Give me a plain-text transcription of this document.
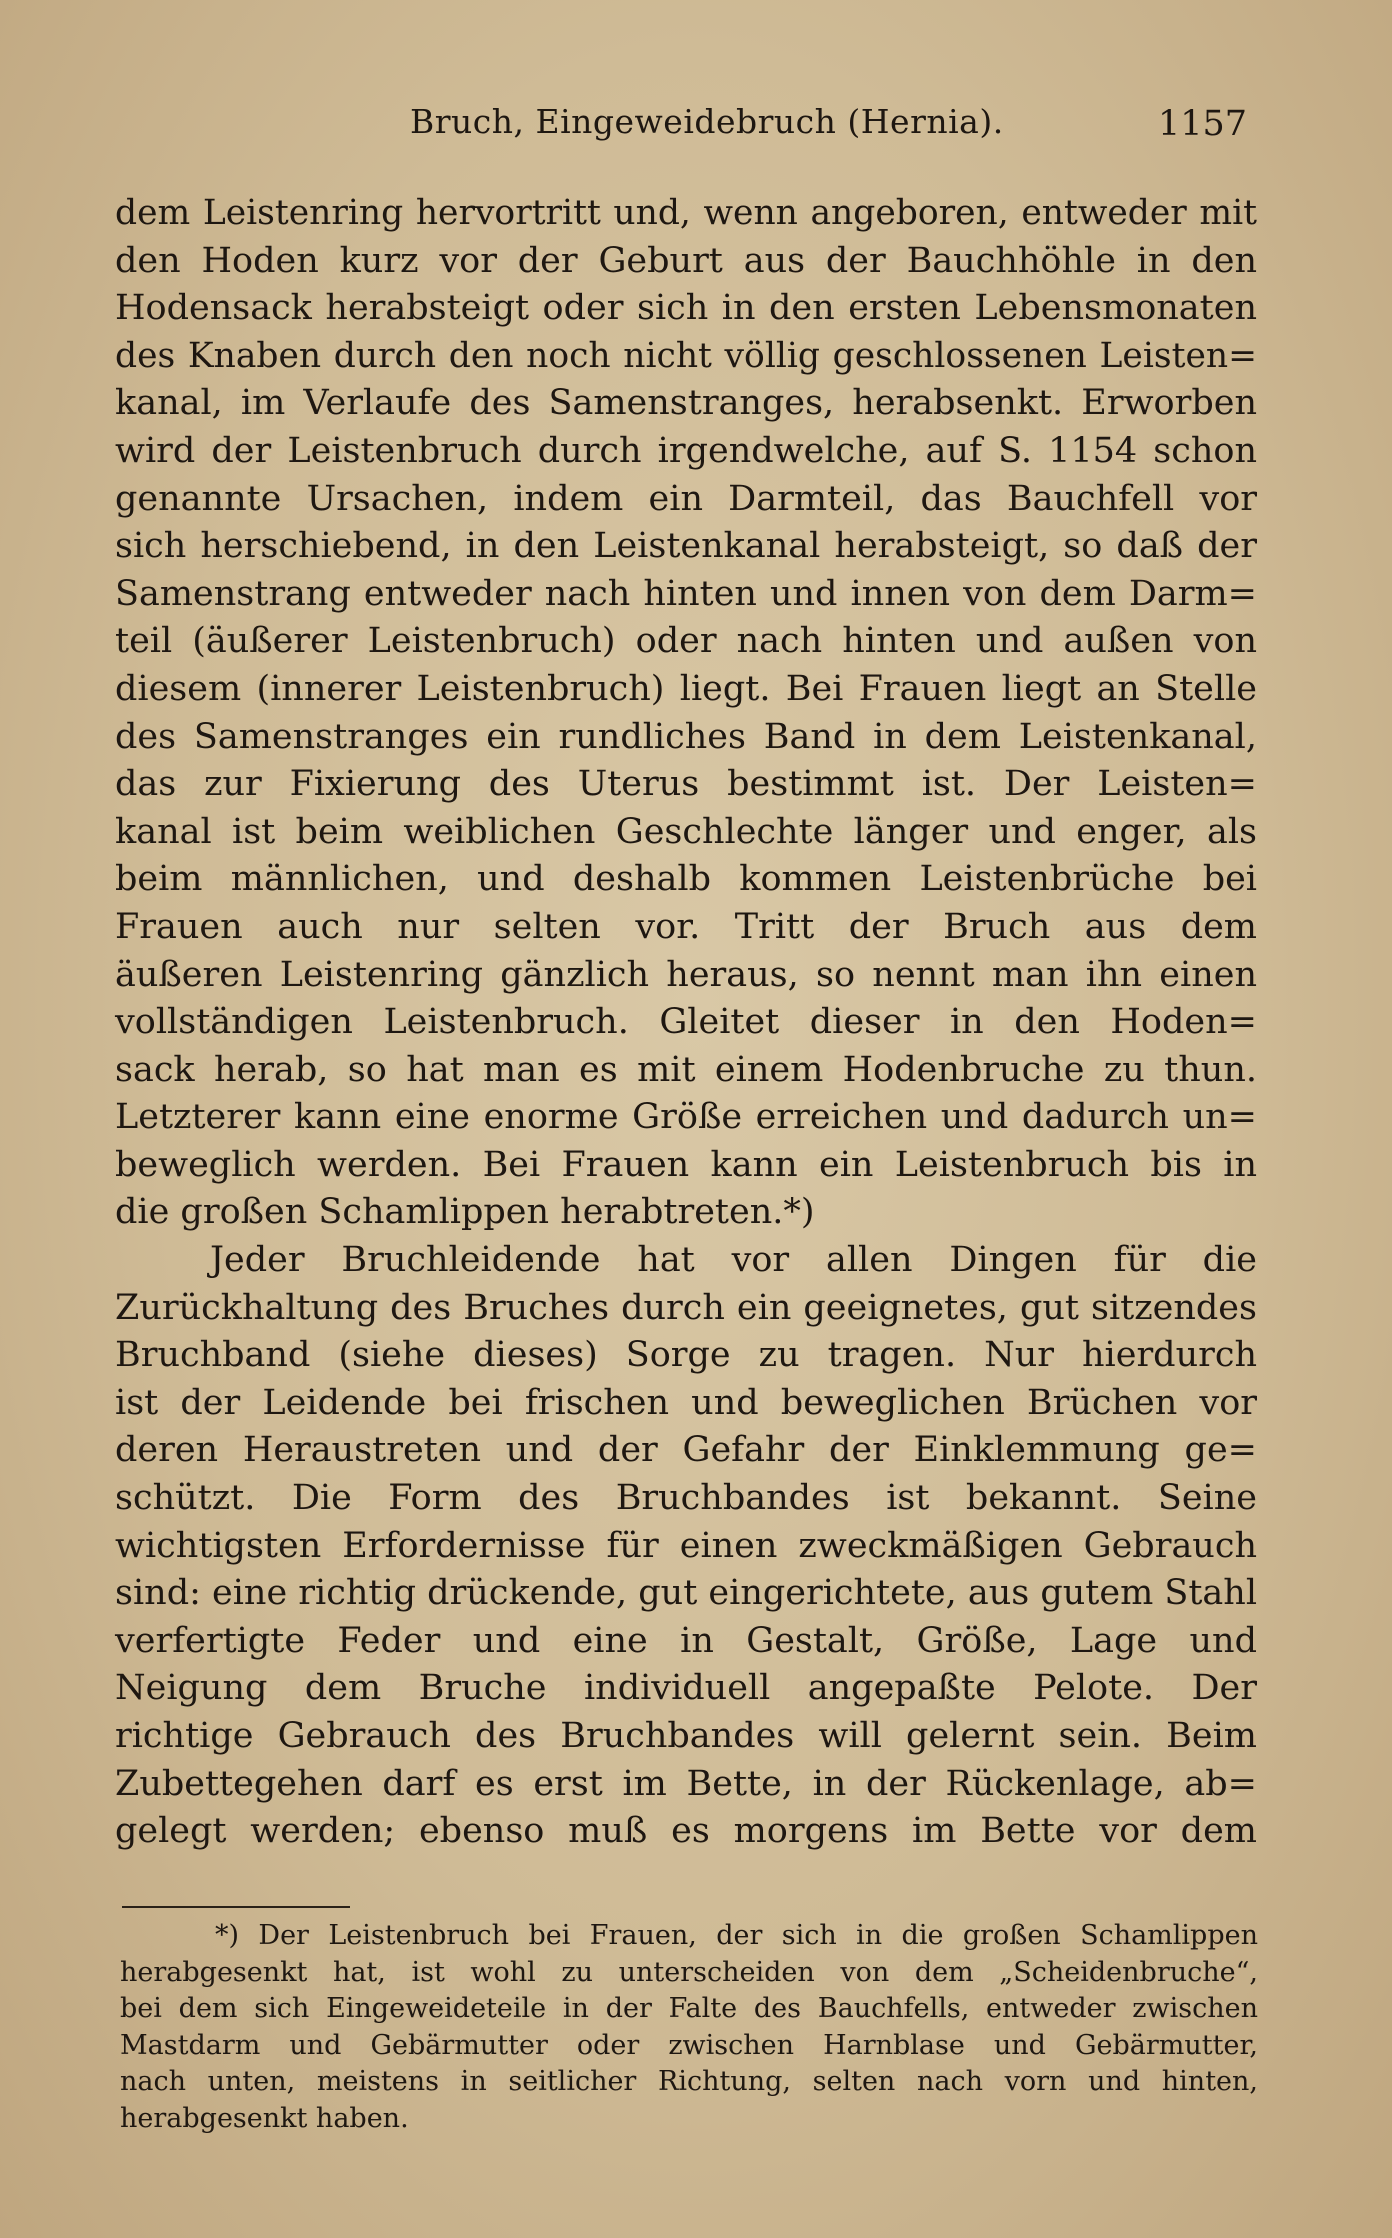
Bruch, Eingeweidebruch (Hernia).	1157
dem Leistenring hervortritt und, wenn angeboren, entweder mit
den Hoden kurz vor der Geburt aus der Bauchhöhle in den
Hodensack herabsteigt oder sich in den ersten Lebensmonaten
des Knaben durch den noch nicht völlig geschlossenen Leisten=
kanal, im Verlaufe des Samenstranges, herabsenkt. Erworben
wird der Leistenbruch durch irgendwelche, auf S. 1154 schon
genannte Ursachen, indem ein Darmteil, das Bauchfell vor
sich herschiebend, in den Leistenkanal herabsteigt, so daß der
Samenstrang entweder nach hinten und innen von dem Darm=
teil (äußerer Leistenbruch) oder nach hinten und außen von
diesem (innerer Leistenbruch) liegt. Bei Frauen liegt an Stelle
des Samenstranges ein rundliches Band in dem Leistenkanal,
das zur Fixierung des Uterus bestimmt ist. Der Leisten=
kanal ist beim weiblichen Geschlechte länger und enger, als
beim männlichen, und deshalb kommen Leistenbrüche bei
Frauen auch nur selten vor. Tritt der Bruch aus dem
äußeren Leistenring gänzlich heraus, so nennt man ihn einen
vollständigen Leistenbruch. Gleitet dieser in den Hoden=
sack herab, so hat man es mit einem Hodenbruche zu thun.
Letzterer kann eine enorme Größe erreichen und dadurch un=
beweglich werden. Bei Frauen kann ein Leistenbruch bis in
die großen Schamlippen herabtreten.*)
Jeder Bruchleidende hat vor allen Dingen für die
Zurückhaltung des Bruches durch ein geeignetes, gut sitzendes
Bruchband (siehe dieses) Sorge zu tragen. Nur hierdurch
ist der Leidende bei frischen und beweglichen Brüchen vor
deren Heraustreten und der Gefahr der Einklemmung ge=
schützt. Die Form des Bruchbandes ist bekannt. Seine
wichtigsten Erfordernisse für einen zweckmäßigen Gebrauch
sind: eine richtig drückende, gut eingerichtete, aus gutem Stahl
verfertigte Feder und eine in Gestalt, Größe, Lage und
Neigung dem Bruche individuell angepaßte Pelote. Der
richtige Gebrauch des Bruchbandes will gelernt sein. Beim
Zubettegehen darf es erst im Bette, in der Rückenlage, ab=
gelegt werden; ebenso muß es morgens im Bette vor dem
*) Der Leistenbruch bei Frauen, der sich in die großen Schamlippen
herabgesenkt hat, ist wohl zu unterscheiden von dem „Scheidenbruche“,
bei dem sich Eingeweideteile in der Falte des Bauchfells, entweder zwischen
Mastdarm und Gebärmutter oder zwischen Harnblase und Gebärmutter,
nach unten, meistens in seitlicher Richtung, selten nach vorn und hinten,
herabgesenkt haben.
